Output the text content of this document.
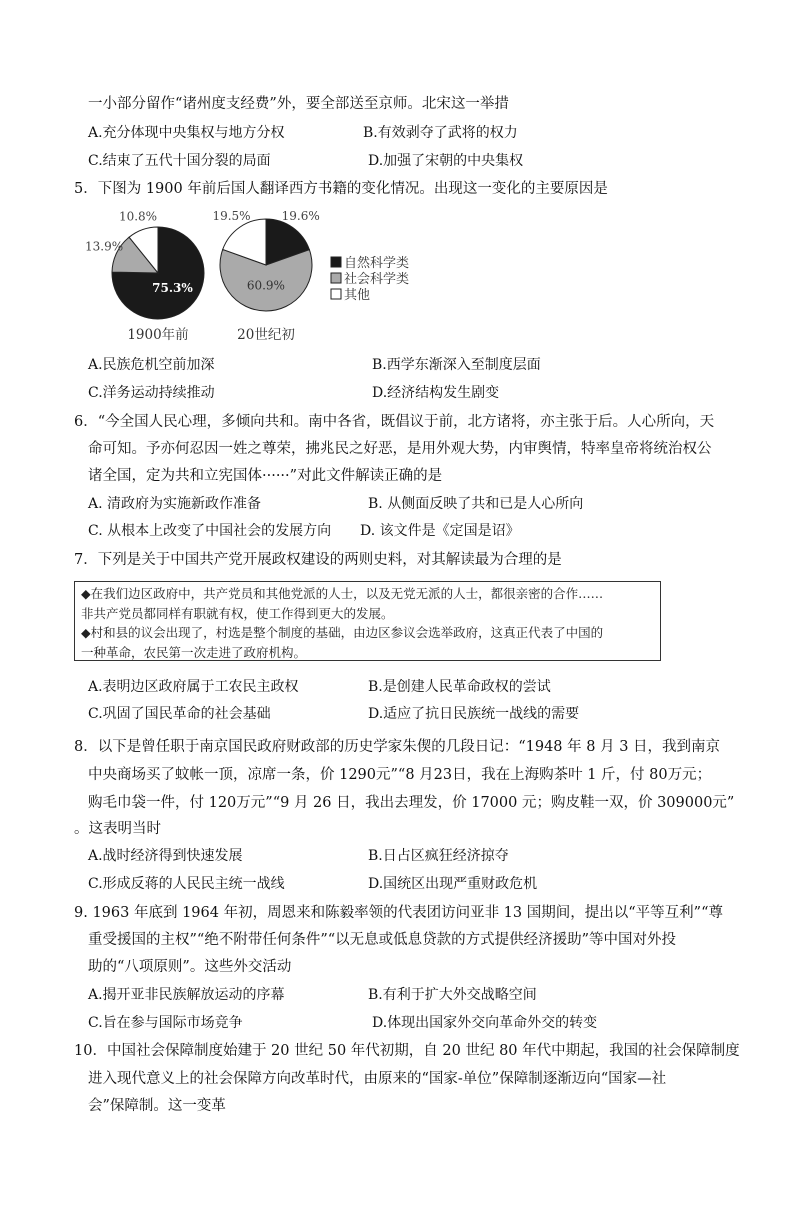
一小部分留作“诸州度支经费”外，要全部送至京师。北宋这一举措
A.充分体现中央集权与地方分权	B.有效剥夺了武将的权力
C.结束了五代十国分裂的局面	D.加强了宋朝的中央集权
5．下图为 1900 年前后国人翻译西方书籍的变化情况。出现这一变化的主要原因是
75.3%
13.9%
10.8%
1900年前
19.6%
60.9%
19.5%
20世纪初
自然科学类
社会科学类
其他
A.民族危机空前加深	B.西学东渐深入至制度层面
C.洋务运动持续推动	D.经济结构发生剧变
6．“今全国人民心理，多倾向共和。南中各省，既倡议于前，北方诸将，亦主张于后。人心所向，天
命可知。予亦何忍因一姓之尊荣，拂兆民之好恶，是用外观大势，内审舆情，特率皇帝将统治权公
诸全国，定为共和立宪国体······”对此文件解读正确的是
A. 清政府为实施新政作准备	B. 从侧面反映了共和已是人心所向
C. 从根本上改变了中国社会的发展方向 D. 该文件是《定国是诏》
7．下列是关于中国共产党开展政权建设的两则史料，对其解读最为合理的是
◆在我们边区政府中，共产党员和其他党派的人士，以及无党无派的人士，都很亲密的合作……
非共产党员都同样有职就有权，使工作得到更大的发展。
◆村和县的议会出现了，村选是整个制度的基础，由边区参议会选举政府，这真正代表了中国的
一种革命，农民第一次走进了政府机构。
A.表明边区政府属于工农民主政权	B.是创建人民革命政权的尝试
C.巩固了国民革命的社会基础	D.适应了抗日民族统一战线的需要
8．以下是曾任职于南京国民政府财政部的历史学家朱偰的几段日记：“1948 年 8 月 3 日，我到南京
中央商场买了蚊帐一顶，凉席一条，价 1290元”“8 月23日，我在上海购茶叶 1 斤，付 80万元；
购毛巾袋一件，付 120万元”“9 月 26 日，我出去理发，价 17000 元；购皮鞋一双，价 309000元”
。这表明当时
A.战时经济得到快速发展	B.日占区疯狂经济掠夺
C.形成反蒋的人民民主统一战线	D.国统区出现严重财政危机
9. 1963 年底到 1964 年初，周恩来和陈毅率领的代表团访问亚非 13 国期间，提出以“平等互利”“尊
重受援国的主权”“绝不附带任何条件”“以无息或低息贷款的方式提供经济援助”等中国对外投
助的“八项原则”。这些外交活动
A.揭开亚非民族解放运动的序幕	B.有利于扩大外交战略空间
C.旨在参与国际市场竞争	D.体现出国家外交向革命外交的转变
10．中国社会保障制度始建于 20 世纪 50 年代初期，自 20 世纪 80 年代中期起，我国的社会保障制度
进入现代意义上的社会保障方向改革时代，由原来的“国家-单位”保障制逐渐迈向“国家—社
会”保障制。这一变革
